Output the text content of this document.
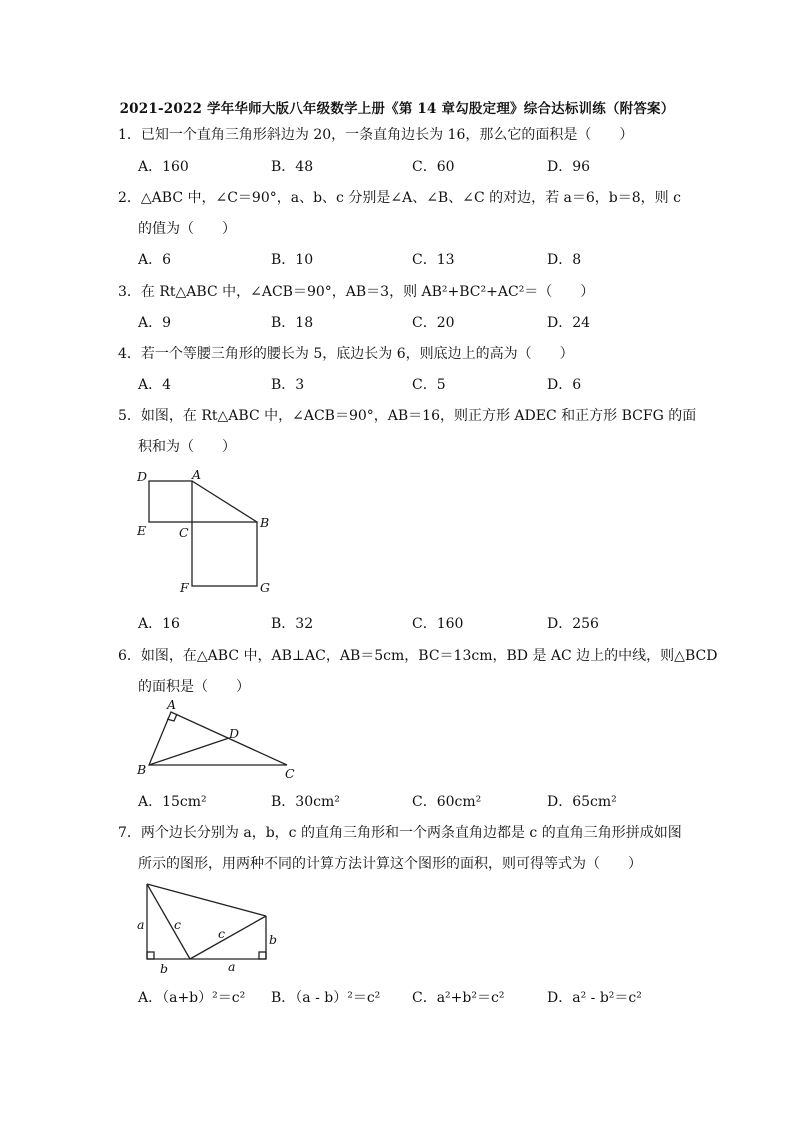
2021-2022 学年华师大版八年级数学上册《第 14 章勾股定理》综合达标训练（附答案）
1．已知一个直角三角形斜边为 20，一条直角边长为 16，那么它的面积是（　　）
A．160	B．48	C．60	D．96
2．△ABC 中，∠C＝90°，a、b、c 分别是∠A、∠B、∠C 的对边，若 a＝6，b＝8，则 c
的值为（　　）
A．6	B．10	C．13	D．8
3．在 Rt△ABC 中，∠ACB＝90°，AB＝3，则 AB²+BC²+AC²＝（　　）
A．9	B．18	C．20	D．24
4．若一个等腰三角形的腰长为 5，底边长为 6，则底边上的高为（　　）
A．4	B．3	C．5	D．6
5．如图，在 Rt△ABC 中，∠ACB＝90°，AB＝16，则正方形 ADEC 和正方形 BCFG 的面
积和为（　　）
D	A
B
E	C
F	G
A．16	B．32	C．160	D．256
6．如图，在△ABC 中，AB⊥AC，AB＝5cm，BC＝13cm，BD 是 AC 边上的中线，则△BCD
的面积是（　　）
A
D
B	C
A．15cm²	B．30cm²	C．60cm²	D．65cm²
7．两个边长分别为 a，b，c 的直角三角形和一个两条直角边都是 c 的直角三角形拼成如图
所示的图形，用两种不同的计算方法计算这个图形的面积，则可得等式为（　　）
a c
c	b
b	a
A．（a+b）²＝c² B．（a - b）²＝c² C．a²+b²＝c²	D．a² - b²＝c²
